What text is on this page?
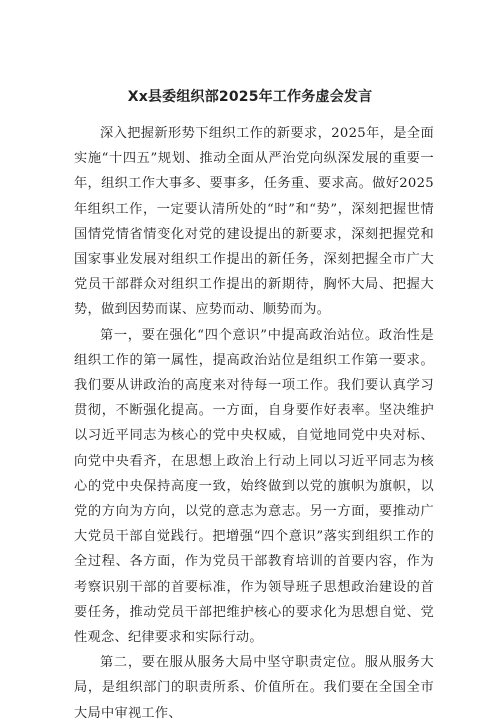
Xx县委组织部2025年工作务虚会发言

深入把握新形势下组织工作的新要求，2025年，是全面实施“十四五”规划、推动全面从严治党向纵深发展的重要一年，组织工作大事多、要事多，任务重、要求高。做好2025年组织工作，一定要认清所处的“时”和“势”，深刻把握世情国情党情省情变化对党的建设提出的新要求，深刻把握党和国家事业发展对组织工作提出的新任务，深刻把握全市广大党员干部群众对组织工作提出的新期待，胸怀大局、把握大势，做到因势而谋、应势而动、顺势而为。

第一，要在强化“四个意识”中提高政治站位。政治性是组织工作的第一属性，提高政治站位是组织工作第一要求。我们要从讲政治的高度来对待每一项工作。我们要认真学习贯彻，不断强化提高。一方面，自身要作好表率。坚决维护以习近平同志为核心的党中央权威，自觉地同党中央对标、向党中央看齐，在思想上政治上行动上同以习近平同志为核心的党中央保持高度一致，始终做到以党的旗帜为旗帜，以党的方向为方向，以党的意志为意志。另一方面，要推动广大党员干部自觉践行。把增强“四个意识”落实到组织工作的全过程、各方面，作为党员干部教育培训的首要内容，作为考察识别干部的首要标准，作为领导班子思想政治建设的首要任务，推动党员干部把维护核心的要求化为思想自觉、党性观念、纪律要求和实际行动。

第二，要在服从服务大局中坚守职责定位。服从服务大局，是组织部门的职责所系、价值所在。我们要在全国全市大局中审视工作、
